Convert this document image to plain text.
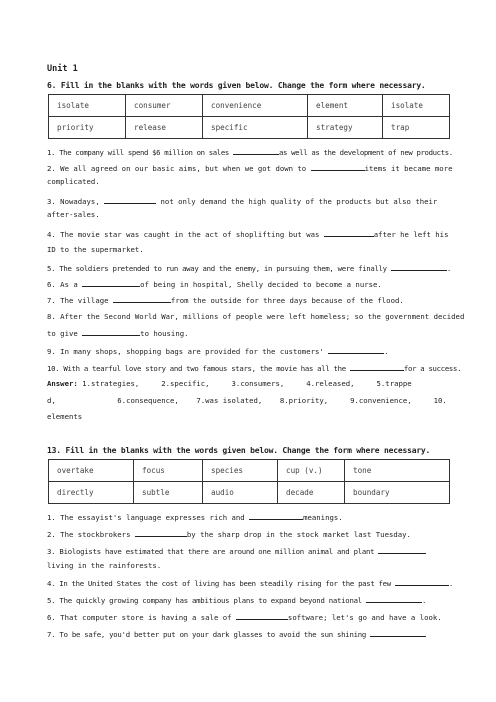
Unit 1
6. Fill in the blanks with the words given below. Change the form where necessary.
isolate	consumer	convenience	element	isolate
priority	release	specific	strategy	trap
1. The company will spend $6 million on sales	as well as the development of new products.
2. We all agreed on our basic aims, but when we got down to	items it became more
complicated.
3. Nowadays,	not only demand the high quality of the products but also their
after-sales.
4. The movie star was caught in the act of shoplifting but was	after he left his
ID to the supermarket.
5. The soldiers pretended to run away and the enemy, in pursuing them, were finally	.
6. As a	of being in hospital, Shelly decided to become a nurse.
7. The village	from the outside for three days because of the flood.
8. After the Second World War, millions of people were left homeless; so the government decided
to give	to housing.
9. In many shops, shopping bags are provided for the customers'	.
10. With a tearful love story and two famous stars, the movie has all the	for a success.
Answer: 1.strategies,     2.specific,     3.consumers,     4.released,     5.trappe
d,              6.consequence,    7.was isolated,    8.priority,     9.convenience,     10.
elements
13. Fill in the blanks with the words given below. Change the form where necessary.
overtake	focus	species	cup (v.)	tone
directly	subtle	audio	decade	boundary
1. The essayist's language expresses rich and	meanings.
2. The stockbrokers	by the sharp drop in the stock market last Tuesday.
3. Biologists have estimated that there are around one million animal and plant
living in the rainforests.
4. In the United States the cost of living has been steadily rising for the past few	.
5. The quickly growing company has ambitious plans to expand beyond national	.
6. That computer store is having a sale of	software; let's go and have a look.
7. To be safe, you'd better put on your dark glasses to avoid the sun shining
